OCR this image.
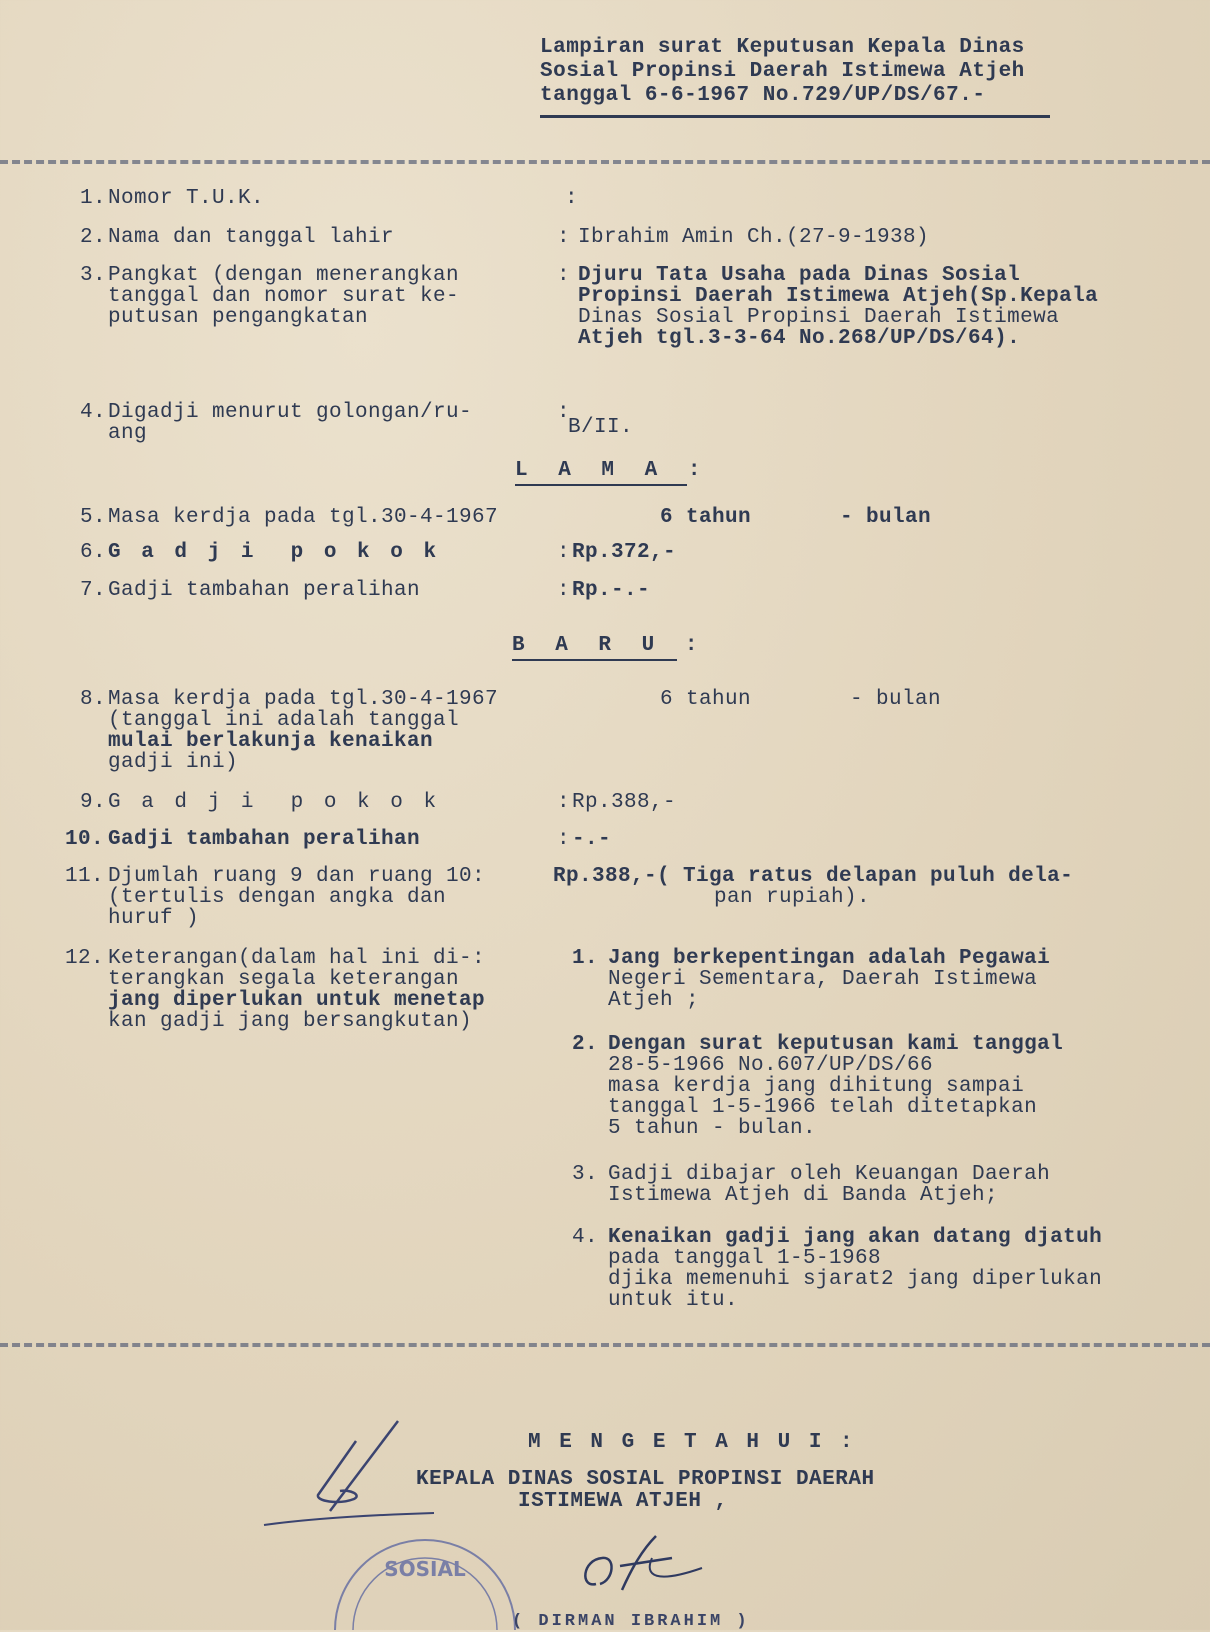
Lampiran surat Keputusan Kepala Dinas
Sosial Propinsi Daerah Istimewa Atjeh
tanggal 6-6-1967 No.729/UP/DS/67.-
1. Nomor T.U.K.	:
2. Nama dan tanggal lahir	: Ibrahim Amin Ch.(27-9-1938)
3. Pangkat (dengan menerangkan
tanggal dan nomor surat ke-
putusan pengangkatan
: Djuru Tata Usaha pada Dinas Sosial
Propinsi Daerah Istimewa Atjeh(Sp.Kepala
Dinas Sosial Propinsi Daerah Istimewa
Atjeh tgl.3-3-64 No.268/UP/DS/64).
4. Digadji menurut golongan/ru-
ang
:
B/II.
L A M A :
5. Masa kerdja pada tgl.30-4-1967	6 tahun	- bulan
6. G a d j i  p o k o k	: Rp.372,-
7. Gadji tambahan peralihan	: Rp.-.-
B A R U :
8. Masa kerdja pada tgl.30-4-1967
(tanggal ini adalah tanggal
mulai berlakunja kenaikan
gadji ini)
6 tahun	- bulan
9. G a d j i  p o k o k	: Rp.388,-
10. Gadji tambahan peralihan	: -.-
11. Djumlah ruang 9 dan ruang 10:
(tertulis dengan angka dan
huruf )
Rp.388,-( Tiga ratus delapan puluh dela-
pan rupiah).
12. Keterangan(dalam hal ini di-:
terangkan segala keterangan
jang diperlukan untuk menetap
kan gadji jang bersangkutan)
1. Jang berkepentingan adalah Pegawai
Negeri Sementara, Daerah Istimewa
Atjeh ;
2. Dengan surat keputusan kami tanggal
28-5-1966 No.607/UP/DS/66
masa kerdja jang dihitung sampai
tanggal 1-5-1966 telah ditetapkan
5 tahun - bulan.
3. Gadji dibajar oleh Keuangan Daerah
Istimewa Atjeh di Banda Atjeh;
4. Kenaikan gadji jang akan datang djatuh
pada tanggal 1-5-1968
djika memenuhi sjarat2 jang diperlukan
untuk itu.
M E N G E T A H U I :
KEPALA DINAS SOSIAL PROPINSI DAERAH
ISTIMEWA ATJEH ,
SOSIAL
( DIRMAN IBRAHIM )
